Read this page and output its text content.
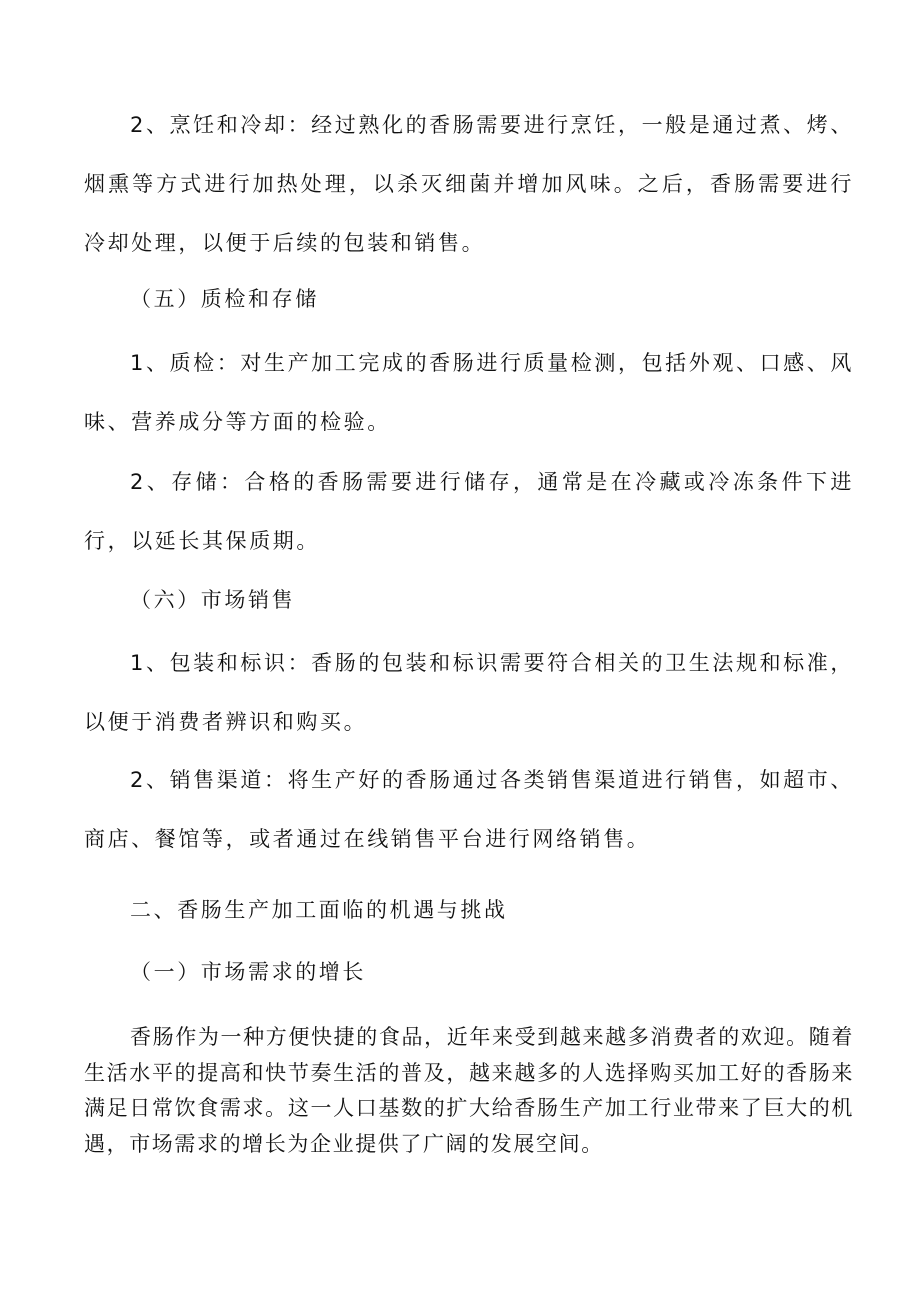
2、烹饪和冷却：经过熟化的香肠需要进行烹饪，一般是通过煮、烤、烟熏等方式进行加热处理，以杀灭细菌并增加风味。之后，香肠需要进行冷却处理，以便于后续的包装和销售。

（五）质检和存储

1、质检：对生产加工完成的香肠进行质量检测，包括外观、口感、风味、营养成分等方面的检验。

2、存储：合格的香肠需要进行储存，通常是在冷藏或冷冻条件下进行，以延长其保质期。

（六）市场销售

1、包装和标识：香肠的包装和标识需要符合相关的卫生法规和标准，以便于消费者辨识和购买。

2、销售渠道：将生产好的香肠通过各类销售渠道进行销售，如超市、商店、餐馆等，或者通过在线销售平台进行网络销售。

二、香肠生产加工面临的机遇与挑战

（一）市场需求的增长

香肠作为一种方便快捷的食品，近年来受到越来越多消费者的欢迎。随着生活水平的提高和快节奏生活的普及，越来越多的人选择购买加工好的香肠来满足日常饮食需求。这一人口基数的扩大给香肠生产加工行业带来了巨大的机遇，市场需求的增长为企业提供了广阔的发展空间。
